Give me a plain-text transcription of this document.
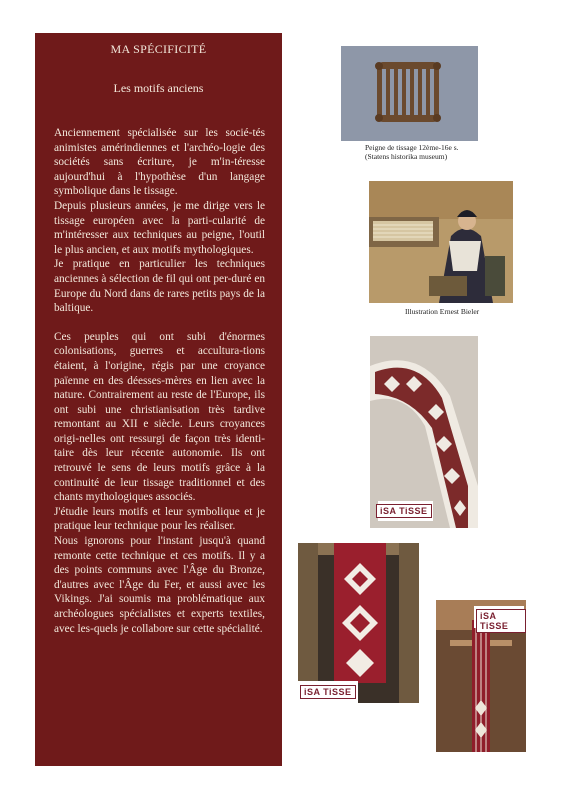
MA SPÉCIFICITÉ
Les motifs anciens

Anciennement spécialisée sur les socié-tés animistes amérindiennes et l'archéo-logie des sociétés sans écriture, je m'in-téresse aujourd'hui à l'hypothèse d'un langage symbolique dans le tissage.

Depuis plusieurs années, je me dirige vers le tissage européen avec la parti-cularité de m'intéresser aux techniques au peigne, l'outil le plus ancien, et aux motifs mythologiques.

Je pratique en particulier les techniques anciennes à sélection de fil qui ont per-duré en Europe du Nord dans de rares petits pays de la baltique.

Ces peuples qui ont subi d'énormes colonisations, guerres et accultura-tions étaient, à l'origine, régis par une croyance païenne en des déesses-mères en lien avec la nature. Contrairement au reste de l'Europe, ils ont subi une christianisation très tardive remontant au XII e siècle. Leurs croyances origi-nelles ont ressurgi de façon très identi-taire dès leur récente autonomie. Ils ont retrouvé le sens de leurs motifs grâce à la continuité de leur tissage traditionnel et des chants mythologiques associés.

J'étudie leurs motifs et leur symbolique et je pratique leur technique pour les réaliser.

Nous ignorons pour l'instant jusqu'à quand remonte cette technique et ces motifs. Il y a des points communs avec l'Âge du Bronze, d'autres avec l'Âge du Fer, et aussi avec les Vikings. J'ai soumis ma problématique aux archéologues spécialistes et experts textiles, avec les-quels je collabore sur cette spécialité.

Peigne de tissage 12ème-16e s.
(Statens historika museum)
Illustration Ernest Bieler
iSA TiSSE
iSA TiSSE
iSA TiSSE
